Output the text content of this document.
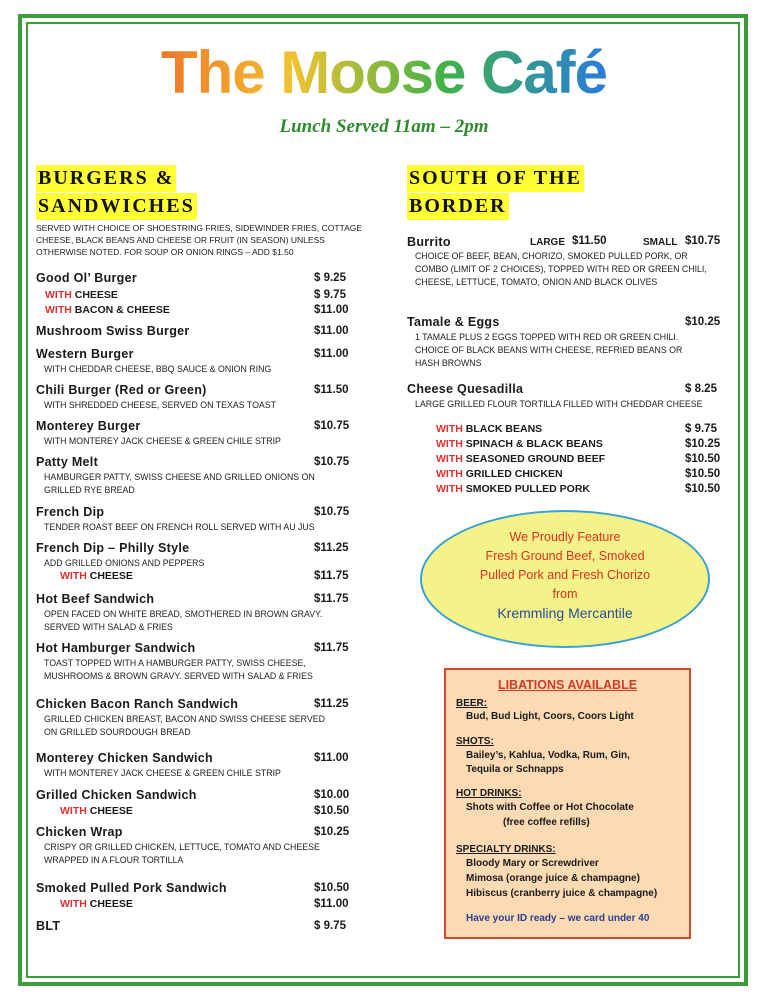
The Moose Café
Lunch Served 11am – 2pm
BURGERS &
SANDWICHES
SERVED WITH CHOICE OF SHOESTRING FRIES, SIDEWINDER FRIES, COTTAGE CHEESE, BLACK BEANS AND CHEESE OR FRUIT (IN SEASON) UNLESS OTHERWISE NOTED. FOR SOUP OR ONION RINGS – ADD $1.50
Good Ol’ Burger	$ 9.25
WITH CHEESE	$ 9.75
WITH BACON & CHEESE	$11.00
Mushroom Swiss Burger	$11.00
Western Burger	$11.00
WITH CHEDDAR CHEESE, BBQ SAUCE & ONION RING
Chili Burger (Red or Green)	$11.50
WITH SHREDDED CHEESE, SERVED ON TEXAS TOAST
Monterey Burger	$10.75
WITH MONTEREY JACK CHEESE & GREEN CHILE STRIP
Patty Melt	$10.75
HAMBURGER PATTY, SWISS CHEESE AND GRILLED ONIONS ON GRILLED RYE BREAD
French Dip	$10.75
TENDER ROAST BEEF ON FRENCH ROLL SERVED WITH AU JUS
French Dip – Philly Style	$11.25
ADD GRILLED ONIONS AND PEPPERS
WITH CHEESE	$11.75
Hot Beef Sandwich	$11.75
OPEN FACED ON WHITE BREAD, SMOTHERED IN BROWN GRAVY. SERVED WITH SALAD & FRIES
Hot Hamburger Sandwich	$11.75
TOAST TOPPED WITH A HAMBURGER PATTY, SWISS CHEESE, MUSHROOMS & BROWN GRAVY. SERVED WITH SALAD & FRIES
Chicken Bacon Ranch Sandwich	$11.25
GRILLED CHICKEN BREAST, BACON AND SWISS CHEESE SERVED ON GRILLED SOURDOUGH BREAD
Monterey Chicken Sandwich	$11.00
WITH MONTEREY JACK CHEESE & GREEN CHILE STRIP
Grilled Chicken Sandwich	$10.00
WITH CHEESE	$10.50
Chicken Wrap	$10.25
CRISPY OR GRILLED CHICKEN, LETTUCE, TOMATO AND CHEESE WRAPPED IN A FLOUR TORTILLA
Smoked Pulled Pork Sandwich	$10.50
WITH CHEESE	$11.00
BLT	$ 9.75
SOUTH OF THE
BORDER
Burrito	LARGE $11.50	SMALL $10.75
CHOICE OF BEEF, BEAN, CHORIZO, SMOKED PULLED PORK, OR COMBO (LIMIT OF 2 CHOICES), TOPPED WITH RED OR GREEN CHILI, CHEESE, LETTUCE, TOMATO, ONION AND BLACK OLIVES
Tamale & Eggs	$10.25
1 TAMALE PLUS 2 EGGS TOPPED WITH RED OR GREEN CHILI. CHOICE OF BLACK BEANS WITH CHEESE, REFRIED BEANS OR HASH BROWNS
Cheese Quesadilla	$ 8.25
LARGE GRILLED FLOUR TORTILLA FILLED WITH CHEDDAR CHEESE
WITH BLACK BEANS	$ 9.75
WITH SPINACH & BLACK BEANS	$10.25
WITH SEASONED GROUND BEEF	$10.50
WITH GRILLED CHICKEN	$10.50
WITH SMOKED PULLED PORK	$10.50
We Proudly Feature
Fresh Ground Beef, Smoked
Pulled Pork and Fresh Chorizo
from
Kremmling Mercantile
LIBATIONS AVAILABLE
BEER:
Bud, Bud Light, Coors, Coors Light
SHOTS:
Bailey’s, Kahlua, Vodka, Rum, Gin,
Tequila or Schnapps
HOT DRINKS:
Shots with Coffee or Hot Chocolate
(free coffee refills)
SPECIALTY DRINKS:
Bloody Mary or Screwdriver
Mimosa (orange juice & champagne)
Hibiscus (cranberry juice & champagne)
Have your ID ready – we card under 40
